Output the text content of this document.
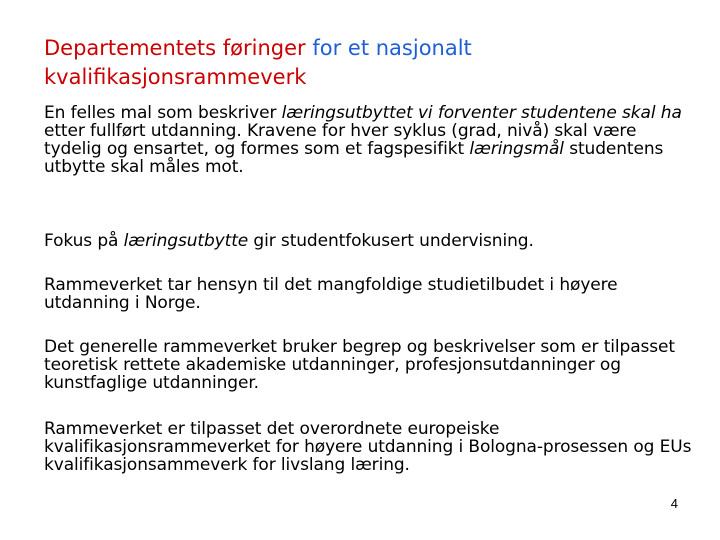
Departementets føringer for et nasjonalt
kvalifikasjonsrammeverk

En felles mal som beskriver læringsutbyttet vi forventer studentene skal ha etter fullført utdanning. Kravene for hver syklus (grad, nivå) skal være tydelig og ensartet, og formes som et fagspesifikt læringsmål studentens utbytte skal måles mot.

Fokus på læringsutbytte gir studentfokusert undervisning.

Rammeverket tar hensyn til det mangfoldige studietilbudet i høyere utdanning i Norge.

Det generelle rammeverket bruker begrep og beskrivelser som er tilpasset teoretisk rettete akademiske utdanninger, profesjonsutdanninger og kunstfaglige utdanninger.

Rammeverket er tilpasset det overordnete europeiske kvalifikasjonsrammeverket for høyere utdanning i Bologna-prosessen og EUs kvalifikasjonsammeverk for livslang læring.

4
